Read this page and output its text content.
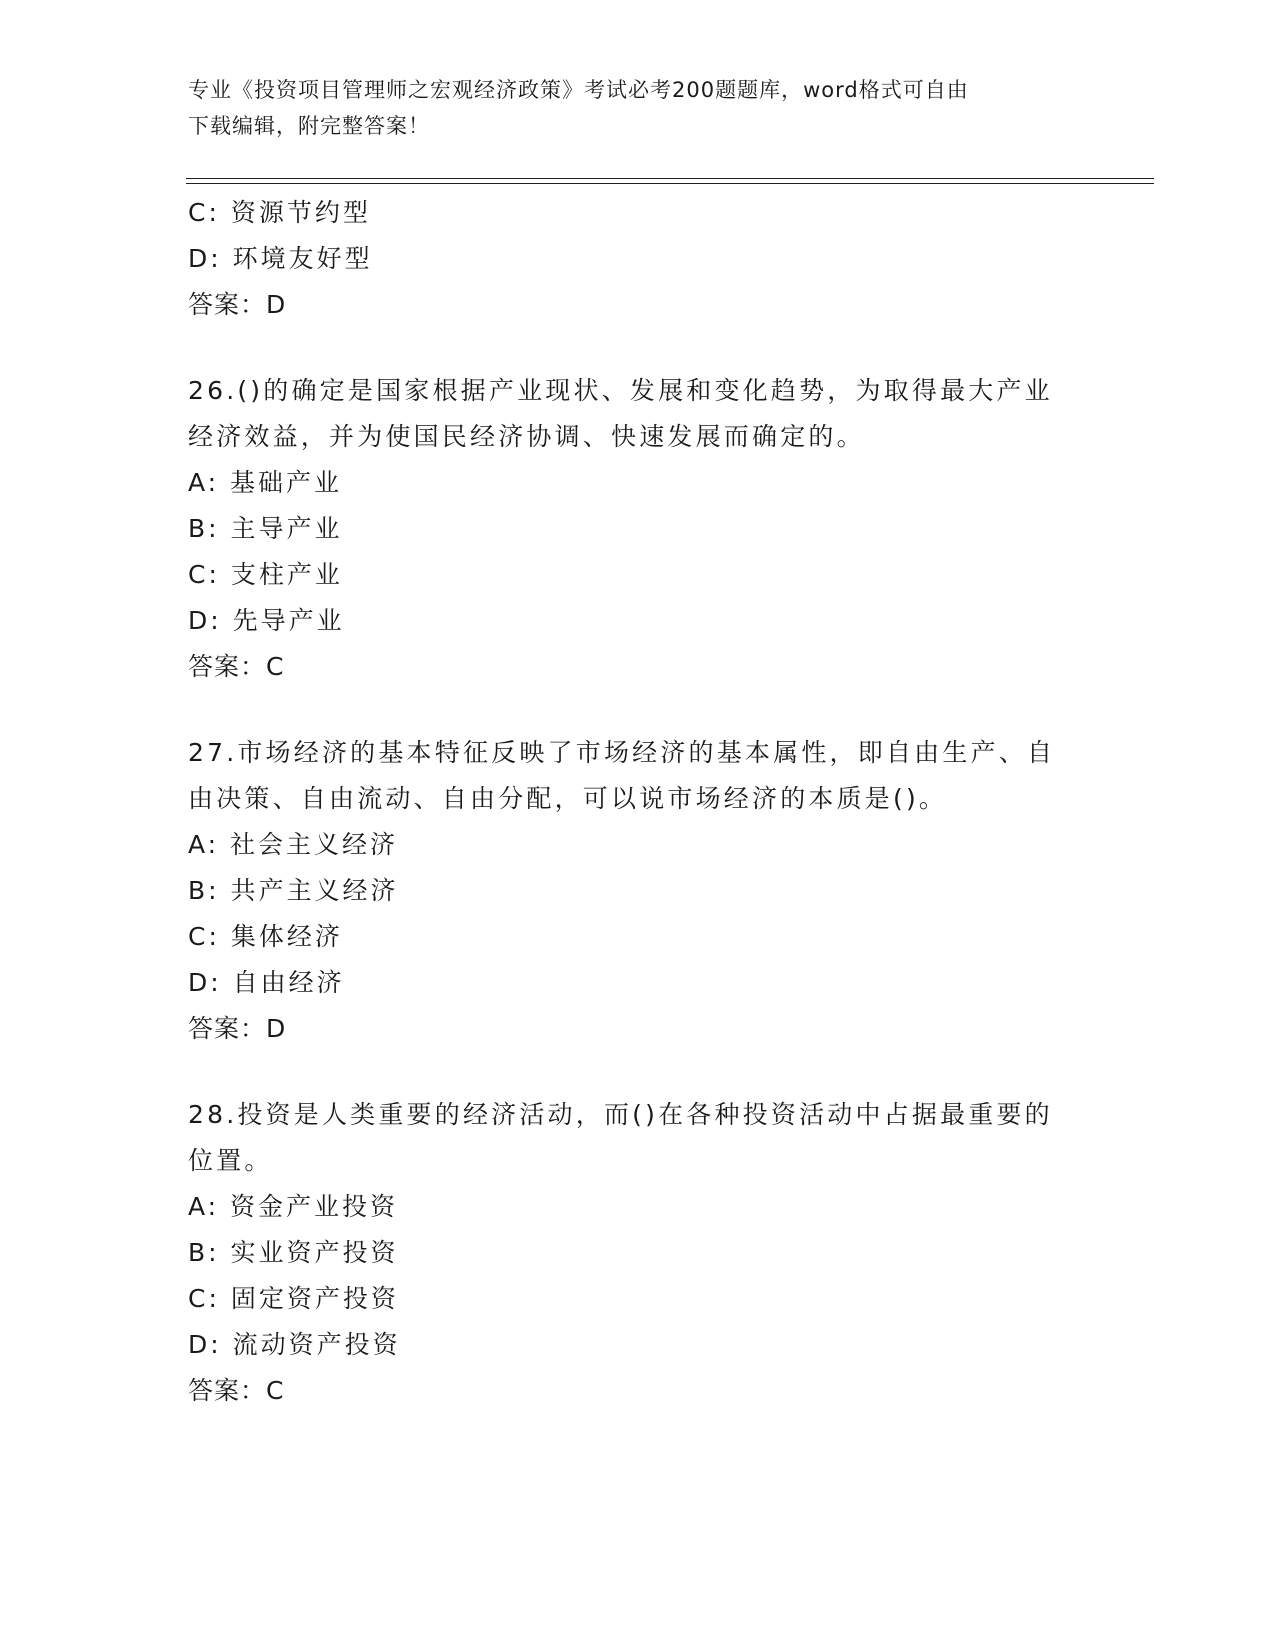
专业《投资项目管理师之宏观经济政策》考试必考200题题库，word格式可自由
下载编辑，附完整答案！
C: 资源节约型
D: 环境友好型
答案：D
26.()的确定是国家根据产业现状、发展和变化趋势，为取得最大产业
经济效益，并为使国民经济协调、快速发展而确定的。
A: 基础产业
B: 主导产业
C: 支柱产业
D: 先导产业
答案：C
27.市场经济的基本特征反映了市场经济的基本属性，即自由生产、自
由决策、自由流动、自由分配，可以说市场经济的本质是()。
A: 社会主义经济
B: 共产主义经济
C: 集体经济
D: 自由经济
答案：D
28.投资是人类重要的经济活动，而()在各种投资活动中占据最重要的
位置。
A: 资金产业投资
B: 实业资产投资
C: 固定资产投资
D: 流动资产投资
答案：C
